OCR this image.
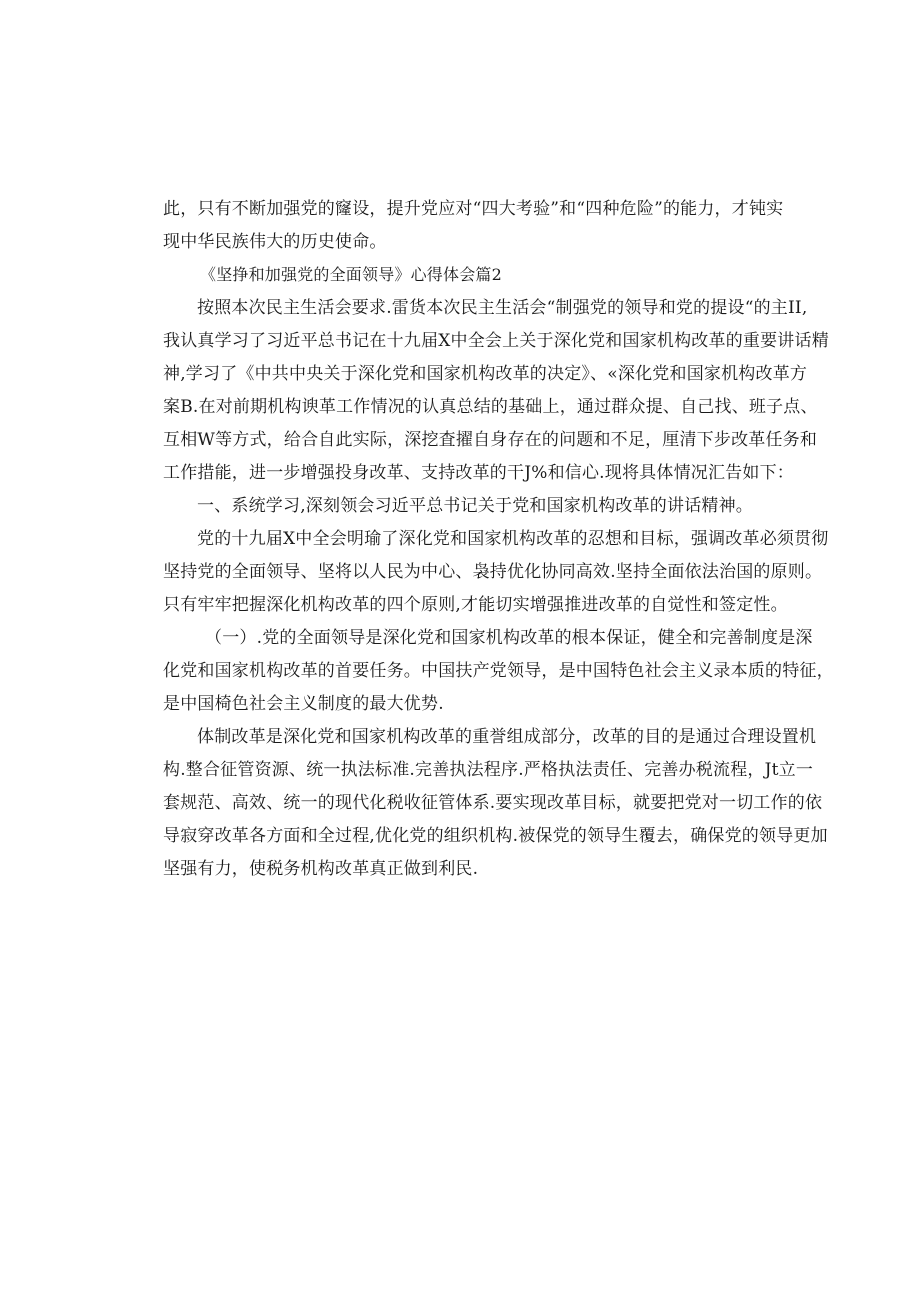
此，只有不断加强党的窿设，提升党应对“四大考验”和“四种危险”的能力，才钝实
现中华民族伟大的历史使命。
《坚挣和加强党的全面领导》心得体会篇2
按照本次民主生活会要求.雷货本次民主生活会“制强党的领导和党的提设“的主II,
我认真学习了习近平总书记在十九届X中全会上关于深化党和国家机构改革的重要讲话精
神,学习了《中共中央关于深化党和国家机构改革的决定》、«深化党和国家机构改革方
案B.在对前期机构谀革工作情况的认真总结的基础上，通过群众提、自己找、班子点、
互相W等方式，给合自此实际，深挖査擢自身存在的问题和不足，厘清下步改革任务和
工作措能，进一步增强投身改革、支持改革的干J%和信心.现将具体情况汇告如下：
一、系统学习,深刻领会习近平总书记关于党和国家机构改革的讲话精神。
党的十九届X中全会明瑜了深化党和国家机构改革的忍想和目标，强调改革必须贯彻
坚持党的全面领导、坚将以人民为中心、袅持优化协同高效.坚持全面依法治国的原则。
只有牢牢把握深化机构改革的四个原则,才能切实增强推进改革的自觉性和签定性。
（一）.党的全面领导是深化党和国家机构改革的根本保证，健全和完善制度是深
化党和国家机构改革的首要任务。中国扶产党领导，是中国特色社会主义录本质的特征，
是中国椅色社会主义制度的最大优势.
体制改革是深化党和国家机构改革的重誉组成部分，改革的目的是通过合理设置机
构.整合征管资源、统一执法标准.完善执法程序.严格执法责任、完善办税流程，Jt立一
套规范、高效、统一的现代化税收征管体系.要实现改革目标，就要把党对一切工作的依
导寂穿改革各方面和全过程,优化党的组织机构.被保党的领导生覆去，确保党的领导更加
坚强有力，使税务机构改革真正做到利民.
